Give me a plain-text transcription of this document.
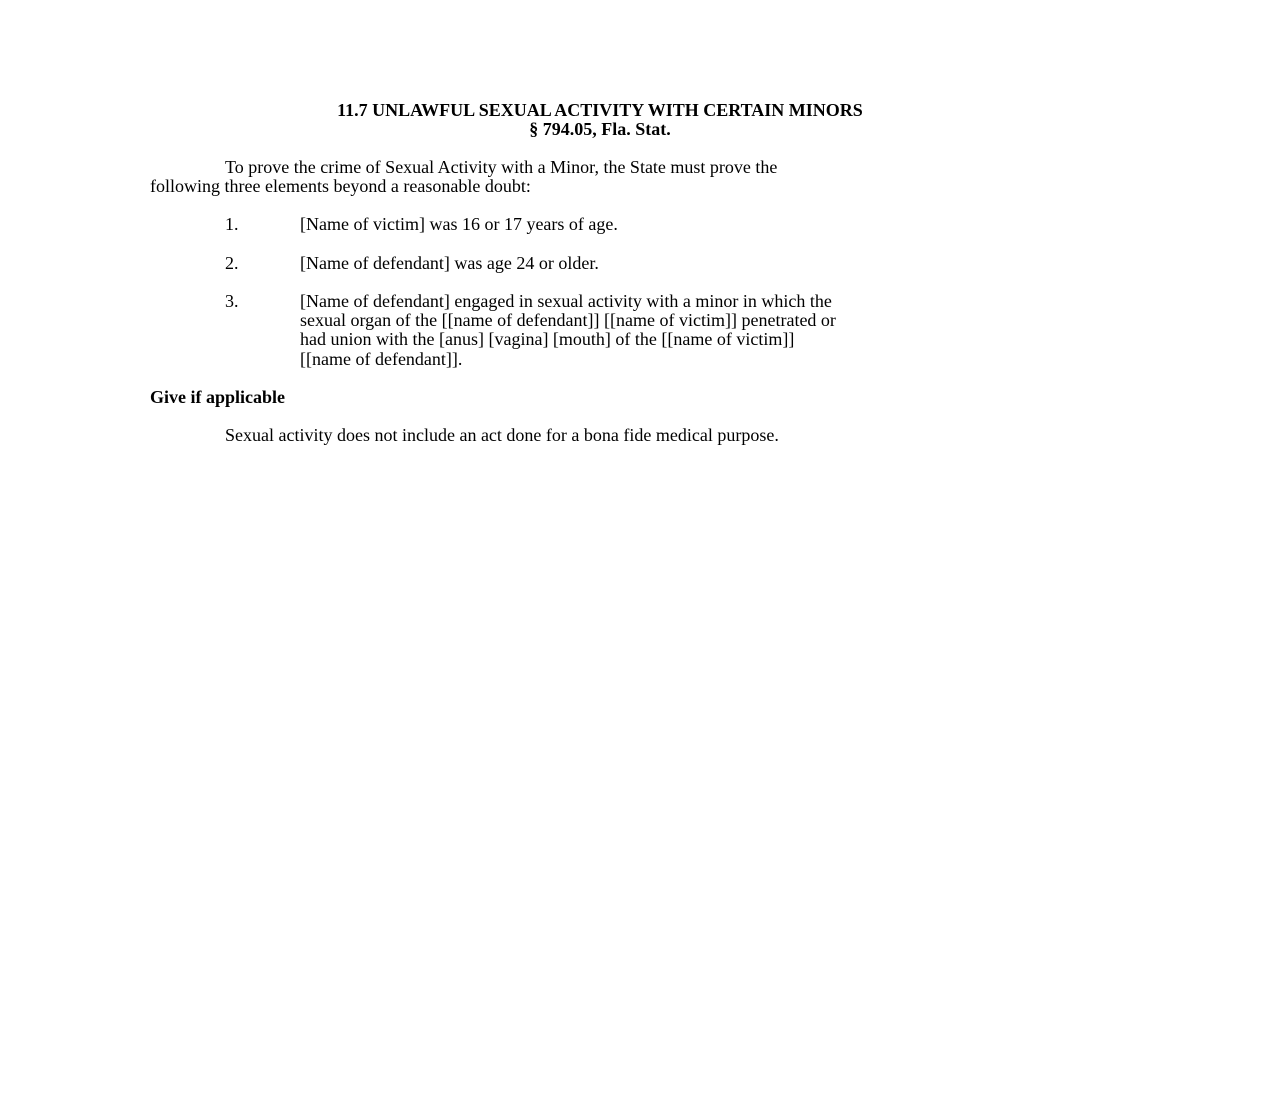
11.7 UNLAWFUL SEXUAL ACTIVITY WITH CERTAIN MINORS
§ 794.05, Fla. Stat.
To prove the crime of Sexual Activity with a Minor, the State must prove the
following three elements beyond a reasonable doubt:
1.	[Name of victim] was 16 or 17 years of age.
2.	[Name of defendant] was age 24 or older.
3.	[Name of defendant] engaged in sexual activity with a minor in which the
sexual organ of the [[name of defendant]] [[name of victim]] penetrated or
had union with the [anus] [vagina] [mouth] of the [[name of victim]]
[[name of defendant]].
Give if applicable
Sexual activity does not include an act done for a bona fide medical purpose.
